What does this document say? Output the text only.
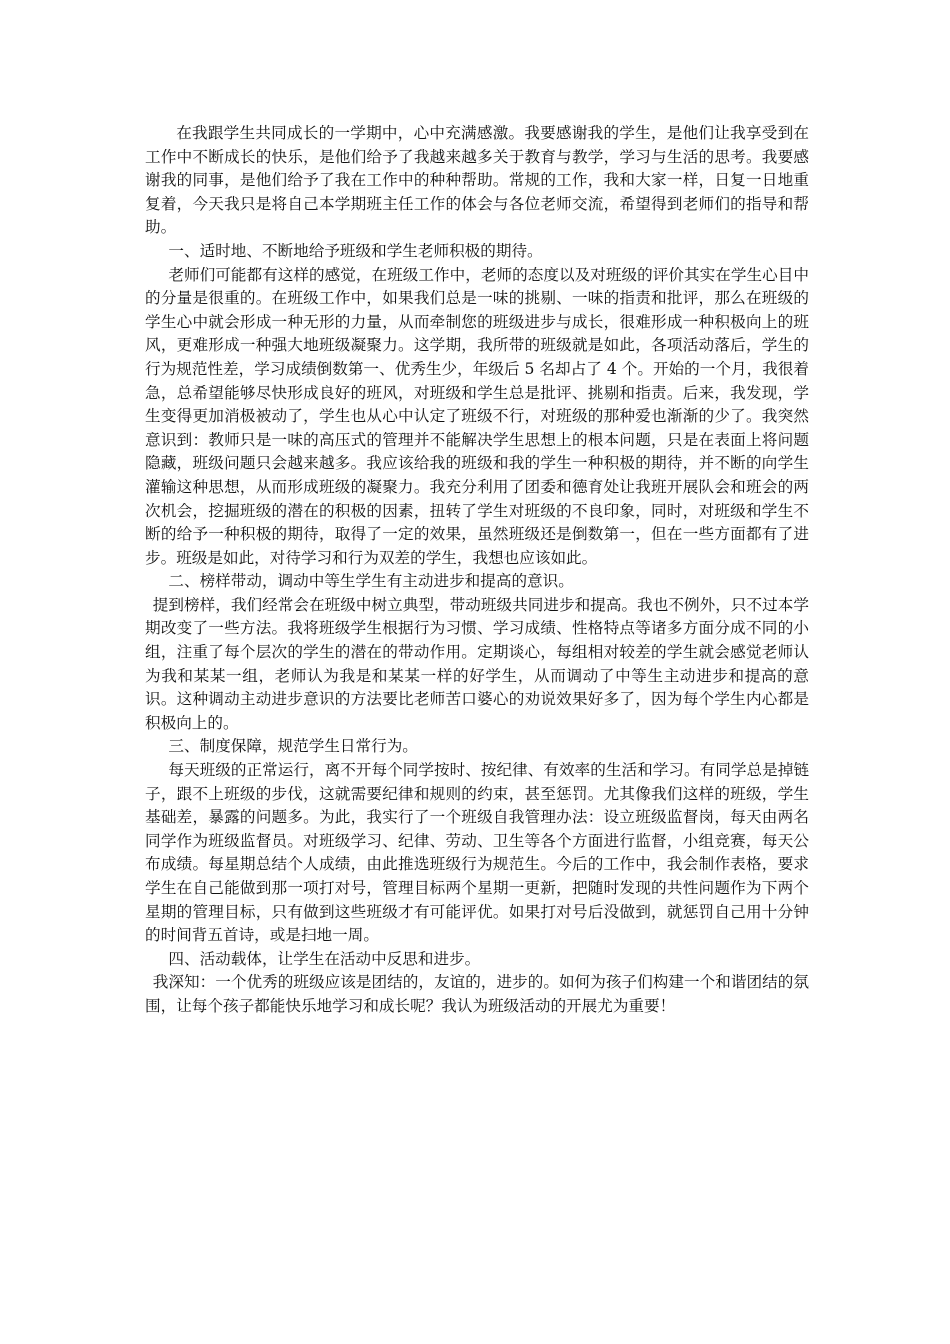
在我跟学生共同成长的一学期中，心中充满感激。我要感谢我的学生，是他们让我享受到在工作中不断成长的快乐，是他们给予了我越来越多关于教育与教学，学习与生活的思考。我要感谢我的同事，是他们给予了我在工作中的种种帮助。常规的工作，我和大家一样，日复一日地重复着，今天我只是将自己本学期班主任工作的体会与各位老师交流，希望得到老师们的指导和帮助。

一、适时地、不断地给予班级和学生老师积极的期待。

老师们可能都有这样的感觉，在班级工作中，老师的态度以及对班级的评价其实在学生心目中的分量是很重的。在班级工作中，如果我们总是一味的挑剔、一味的指责和批评，那么在班级的学生心中就会形成一种无形的力量，从而牵制您的班级进步与成长，很难形成一种积极向上的班风，更难形成一种强大地班级凝聚力。这学期，我所带的班级就是如此，各项活动落后，学生的行为规范性差，学习成绩倒数第一、优秀生少，年级后 5 名却占了 4 个。开始的一个月，我很着急，总希望能够尽快形成良好的班风，对班级和学生总是批评、挑剔和指责。后来，我发现，学生变得更加消极被动了，学生也从心中认定了班级不行，对班级的那种爱也渐渐的少了。我突然意识到：教师只是一味的高压式的管理并不能解决学生思想上的根本问题，只是在表面上将问题隐藏，班级问题只会越来越多。我应该给我的班级和我的学生一种积极的期待，并不断的向学生灌输这种思想，从而形成班级的凝聚力。我充分利用了团委和德育处让我班开展队会和班会的两次机会，挖掘班级的潜在的积极的因素，扭转了学生对班级的不良印象，同时，对班级和学生不断的给予一种积极的期待，取得了一定的效果，虽然班级还是倒数第一，但在一些方面都有了进步。班级是如此，对待学习和行为双差的学生，我想也应该如此。

二、榜样带动，调动中等生学生有主动进步和提高的意识。

提到榜样，我们经常会在班级中树立典型，带动班级共同进步和提高。我也不例外，只不过本学期改变了一些方法。我将班级学生根据行为习惯、学习成绩、性格特点等诸多方面分成不同的小组，注重了每个层次的学生的潜在的带动作用。定期谈心，每组相对较差的学生就会感觉老师认为我和某某一组，老师认为我是和某某一样的好学生，从而调动了中等生主动进步和提高的意识。这种调动主动进步意识的方法要比老师苦口婆心的劝说效果好多了，因为每个学生内心都是积极向上的。

三、制度保障，规范学生日常行为。

每天班级的正常运行，离不开每个同学按时、按纪律、有效率的生活和学习。有同学总是掉链子，跟不上班级的步伐，这就需要纪律和规则的约束，甚至惩罚。尤其像我们这样的班级，学生基础差，暴露的问题多。为此，我实行了一个班级自我管理办法：设立班级监督岗，每天由两名同学作为班级监督员。对班级学习、纪律、劳动、卫生等各个方面进行监督，小组竞赛，每天公布成绩。每星期总结个人成绩，由此推选班级行为规范生。今后的工作中，我会制作表格，要求学生在自己能做到那一项打对号，管理目标两个星期一更新，把随时发现的共性问题作为下两个星期的管理目标，只有做到这些班级才有可能评优。如果打对号后没做到，就惩罚自己用十分钟的时间背五首诗，或是扫地一周。

四、活动载体，让学生在活动中反思和进步。

我深知：一个优秀的班级应该是团结的，友谊的，进步的。如何为孩子们构建一个和谐团结的氛围，让每个孩子都能快乐地学习和成长呢？我认为班级活动的开展尤为重要！
